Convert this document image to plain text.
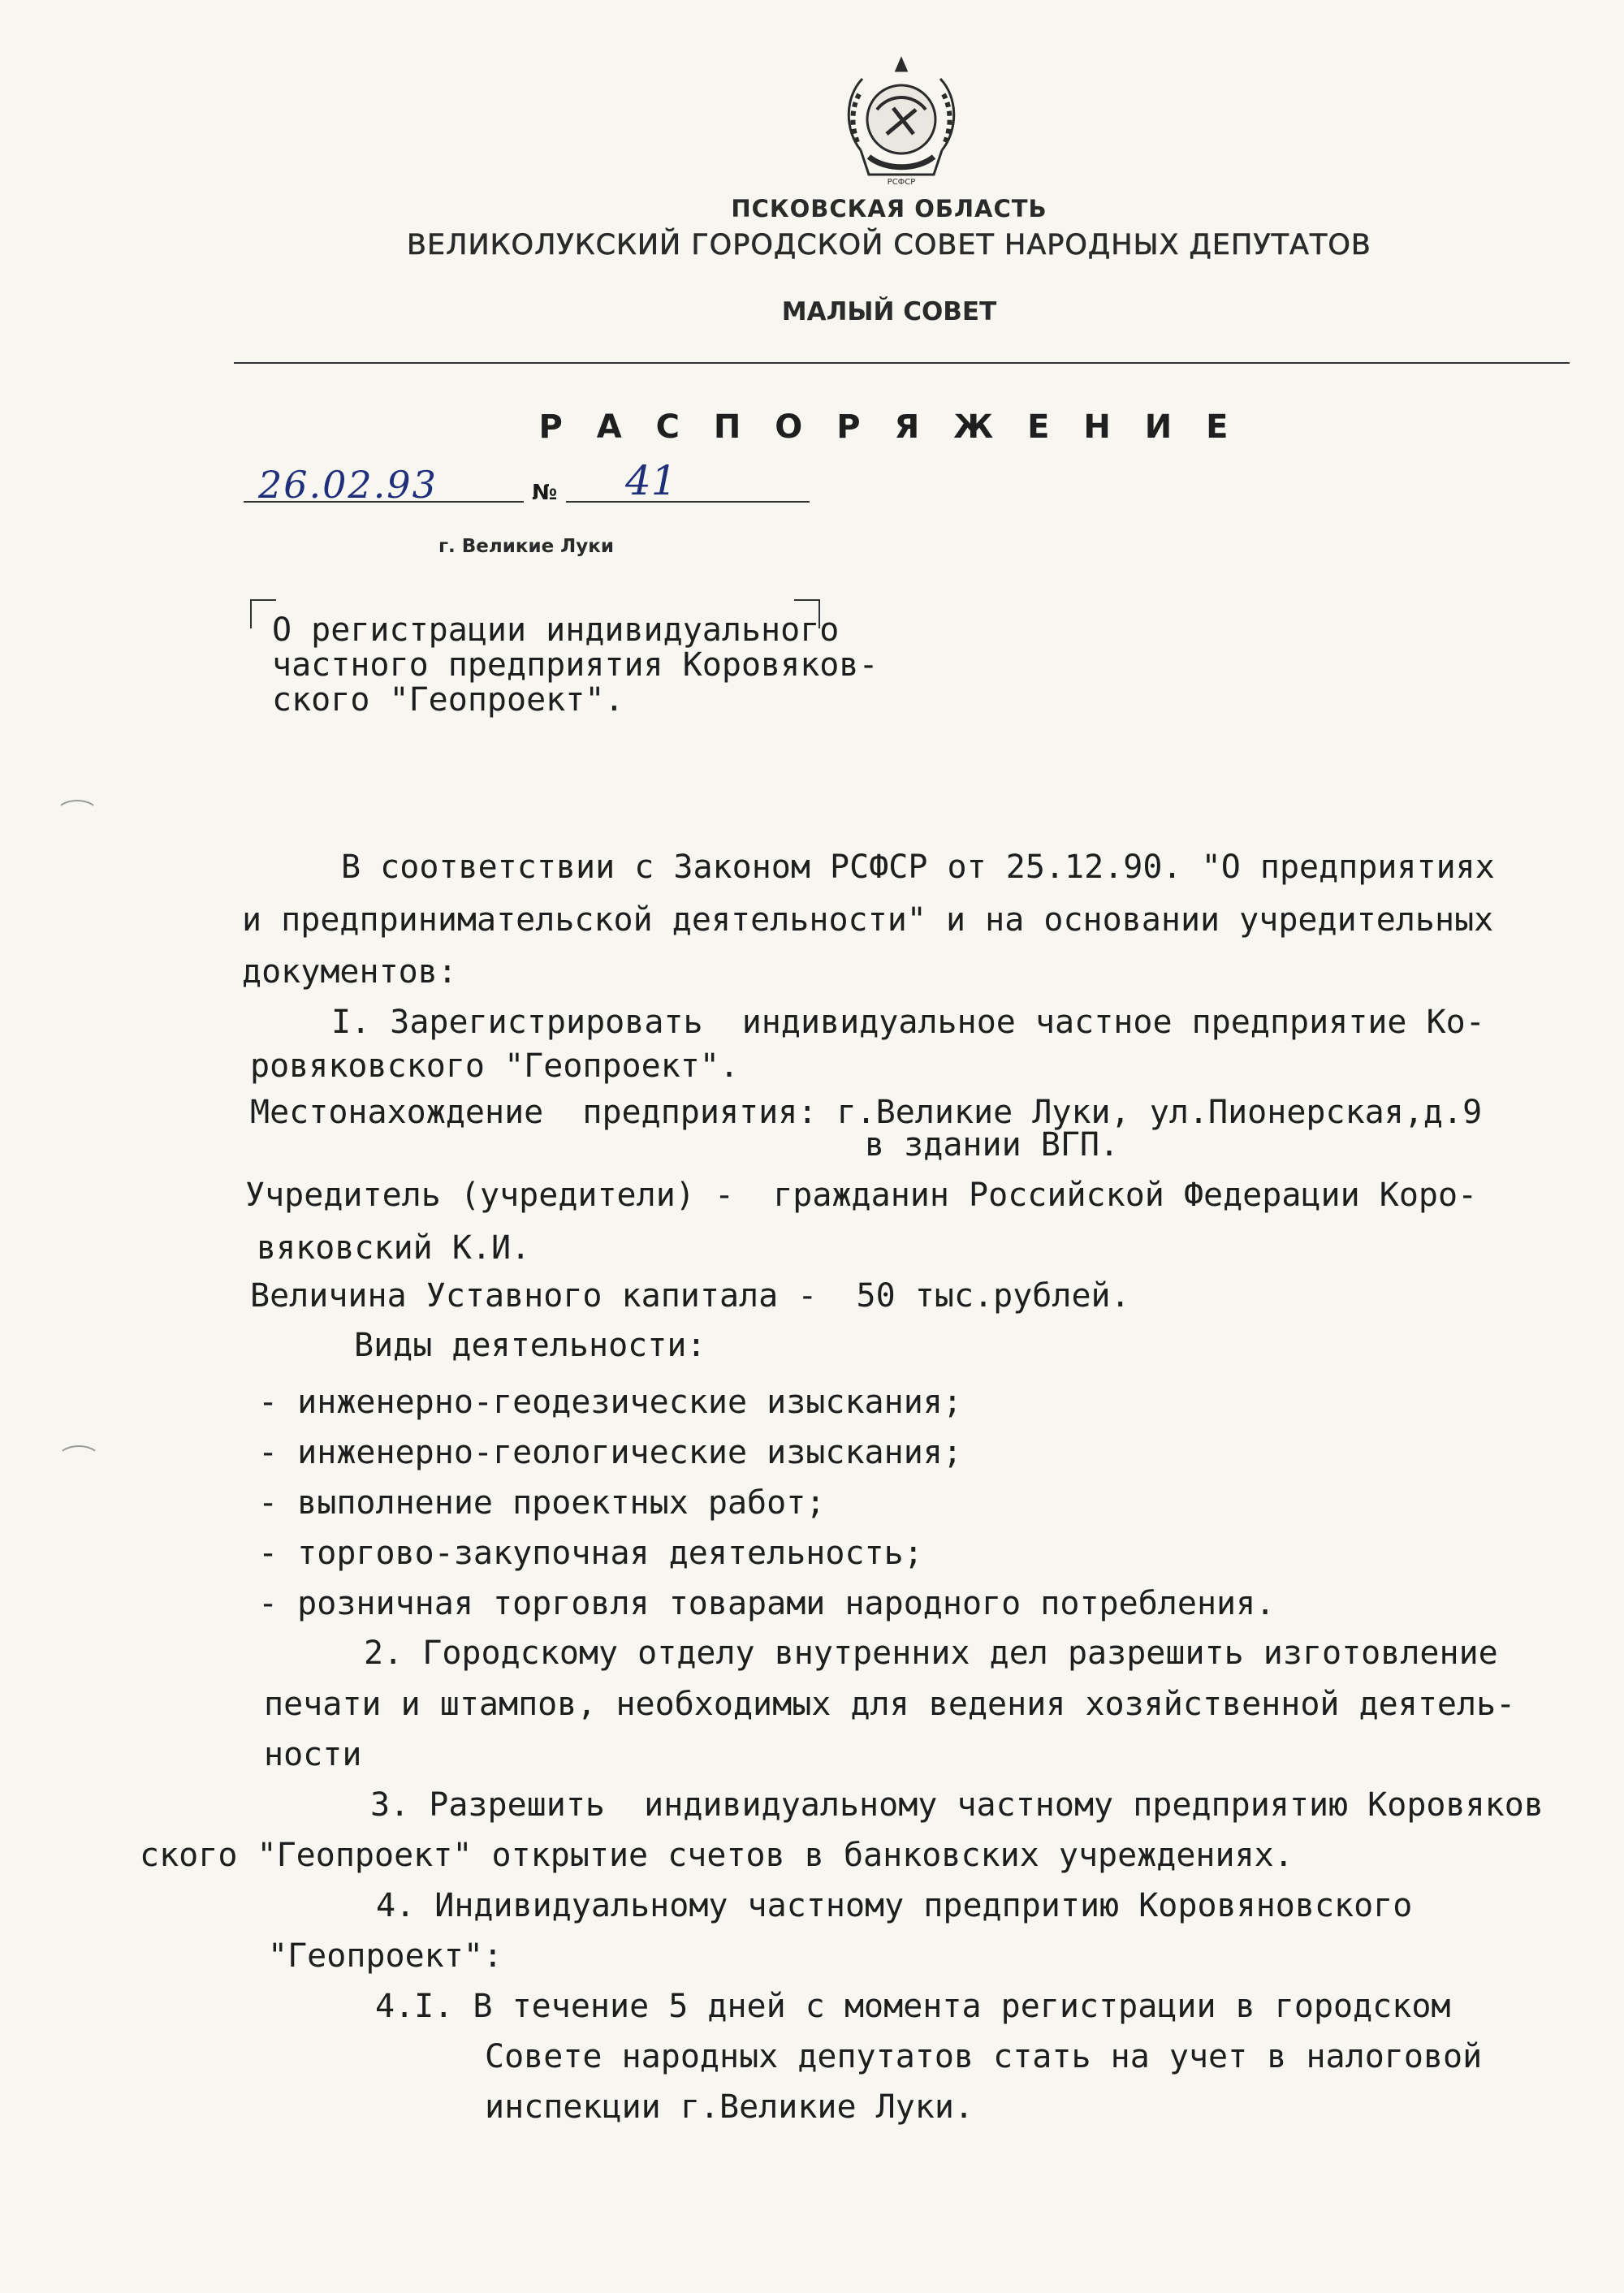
РСФСР
ПСКОВСКАЯ ОБЛАСТЬ
ВЕЛИКОЛУКСКИЙ ГОРОДСКОЙ СОВЕТ НАРОДНЫХ ДЕПУТАТОВ
МАЛЫЙ СОВЕТ
Р А С П О Р Я Ж Е Н И Е
26.02.93	№ 41
г. Великие Луки
О регистрации индивидуального
частного предприятия Коровяков-
ского "Геопроект".
В соответствии с Законом РСФСР от 25.12.90. "О предприятиях
и предпринимательской деятельности" и на основании учредительных
документов:
I. Зарегистрировать  индивидуальное частное предприятие Ко-
ровяковского "Геопроект".
Местонахождение  предприятия: г.Великие Луки, ул.Пионерская,д.9
в здании ВГП.
Учредитель (учредители) -  гражданин Российской Федерации Коро-
вяковский К.И.
Величина Уставного капитала -  50 тыс.рублей.
Виды деятельности:
- инженерно-геодезические изыскания;
- инженерно-геологические изыскания;
- выполнение проектных работ;
- торгово-закупочная деятельность;
- розничная торговля товарами народного потребления.
2. Городскому отделу внутренних дел разрешить изготовление
печати и штампов, необходимых для ведения хозяйственной деятель-
ности
3. Разрешить  индивидуальному частному предприятию Коровяков
ского "Геопроект" открытие счетов в банковских учреждениях.
4. Индивидуальному частному предпритию Коровяновского
"Геопроект":
4.I. В течение 5 дней с момента регистрации в городском
Совете народных депутатов стать на учет в налоговой
инспекции г.Великие Луки.
